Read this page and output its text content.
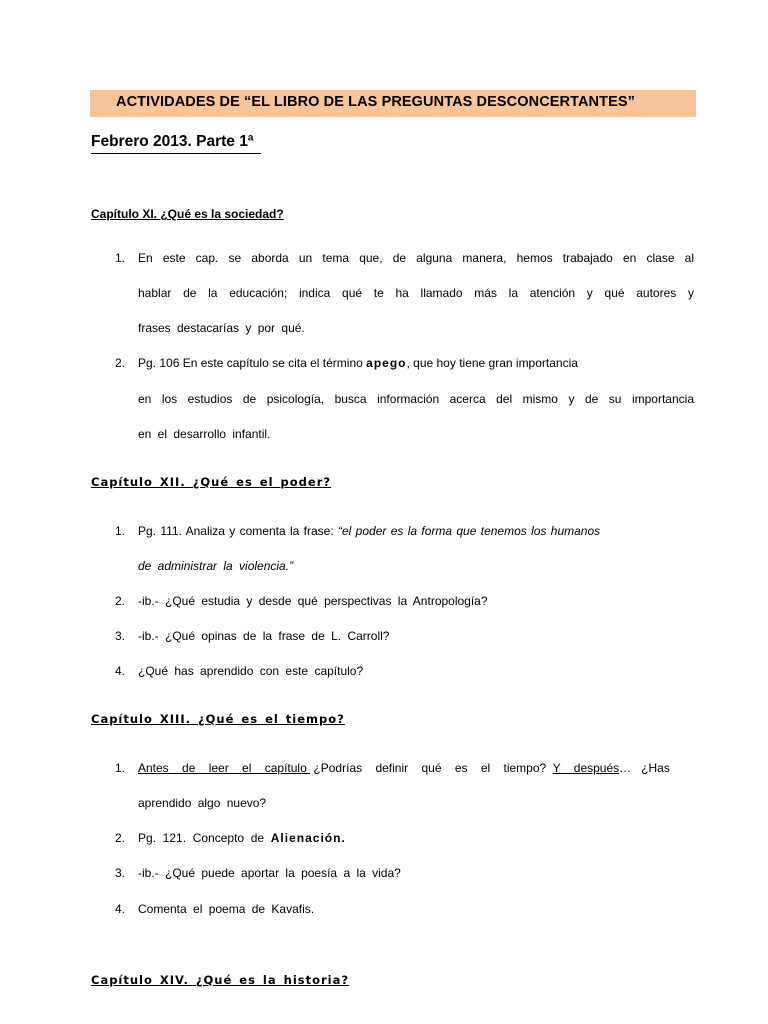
ACTIVIDADES DE “EL LIBRO DE LAS PREGUNTAS DESCONCERTANTES”
Febrero 2013. Parte 1ª
Capítulo XI. ¿Qué es la sociedad?
1. En este cap. se aborda un tema que, de alguna manera, hemos trabajado en clase al
hablar de la educación; indica qué te ha llamado más la atención y qué autores y
frases destacarías y por qué.
2. Pg. 106 En este capítulo se cita el término apego, que hoy tiene gran importancia
en los estudios de psicología, busca información acerca del mismo y de su importancia
en el desarrollo infantil.
Capítulo XII. ¿Qué es el poder?
1. Pg. 111. Analiza y comenta la frase: “el poder es la forma que tenemos los humanos
de administrar la violencia.”
2. -ib.- ¿Qué estudia y desde qué perspectivas la Antropología?
3. -ib.- ¿Qué opinas de la frase de L. Carroll?
4. ¿Qué has aprendido con este capítulo?
Capítulo XIII. ¿Qué es el tiempo?
1. Antes    de    leer    el    capítulo  ¿Podrías    definir    qué    es    el    tiempo?  Y    después…   ¿Has
aprendido algo nuevo?
2. Pg.  121.  Concepto  de  Alienación.
3. -ib.- ¿Qué puede aportar la poesía a la vida?
4. Comenta el poema de Kavafis.
Capítulo XIV. ¿Qué es la historia?
